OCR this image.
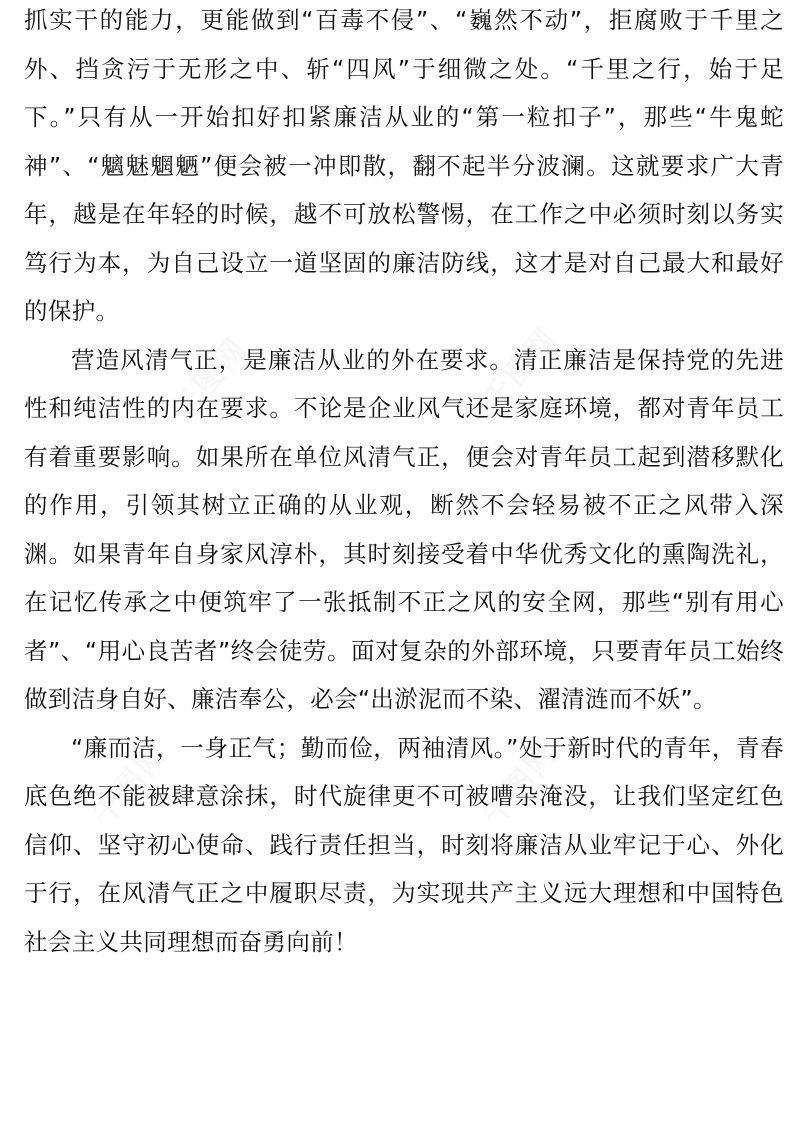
千图网	千图网
千图网	千图网

抓实干的能力，更能做到“百毒不侵”、“巍然不动”，拒腐败于千里之外、挡贪污于无形之中、斩“四风”于细微之处。“千里之行，始于足下。”只有从一开始扣好扣紧廉洁从业的“第一粒扣子”，那些“牛鬼蛇神”、“魑魅魍魉”便会被一冲即散，翻不起半分波澜。这就要求广大青年，越是在年轻的时候，越不可放松警惕，在工作之中必须时刻以务实笃行为本，为自己设立一道坚固的廉洁防线，这才是对自己最大和最好的保护。

营造风清气正，是廉洁从业的外在要求。清正廉洁是保持党的先进性和纯洁性的内在要求。不论是企业风气还是家庭环境，都对青年员工有着重要影响。如果所在单位风清气正，便会对青年员工起到潜移默化的作用，引领其树立正确的从业观，断然不会轻易被不正之风带入深渊。如果青年自身家风淳朴，其时刻接受着中华优秀文化的熏陶洗礼，在记忆传承之中便筑牢了一张抵制不正之风的安全网，那些“别有用心者”、“用心良苦者”终会徒劳。面对复杂的外部环境，只要青年员工始终做到洁身自好、廉洁奉公，必会“出淤泥而不染、濯清涟而不妖”。

“廉而洁，一身正气；勤而俭，两袖清风。”处于新时代的青年，青春底色绝不能被肆意涂抹，时代旋律更不可被嘈杂淹没，让我们坚定红色信仰、坚守初心使命、践行责任担当，时刻将廉洁从业牢记于心、外化于行，在风清气正之中履职尽责，为实现共产主义远大理想和中国特色社会主义共同理想而奋勇向前！
